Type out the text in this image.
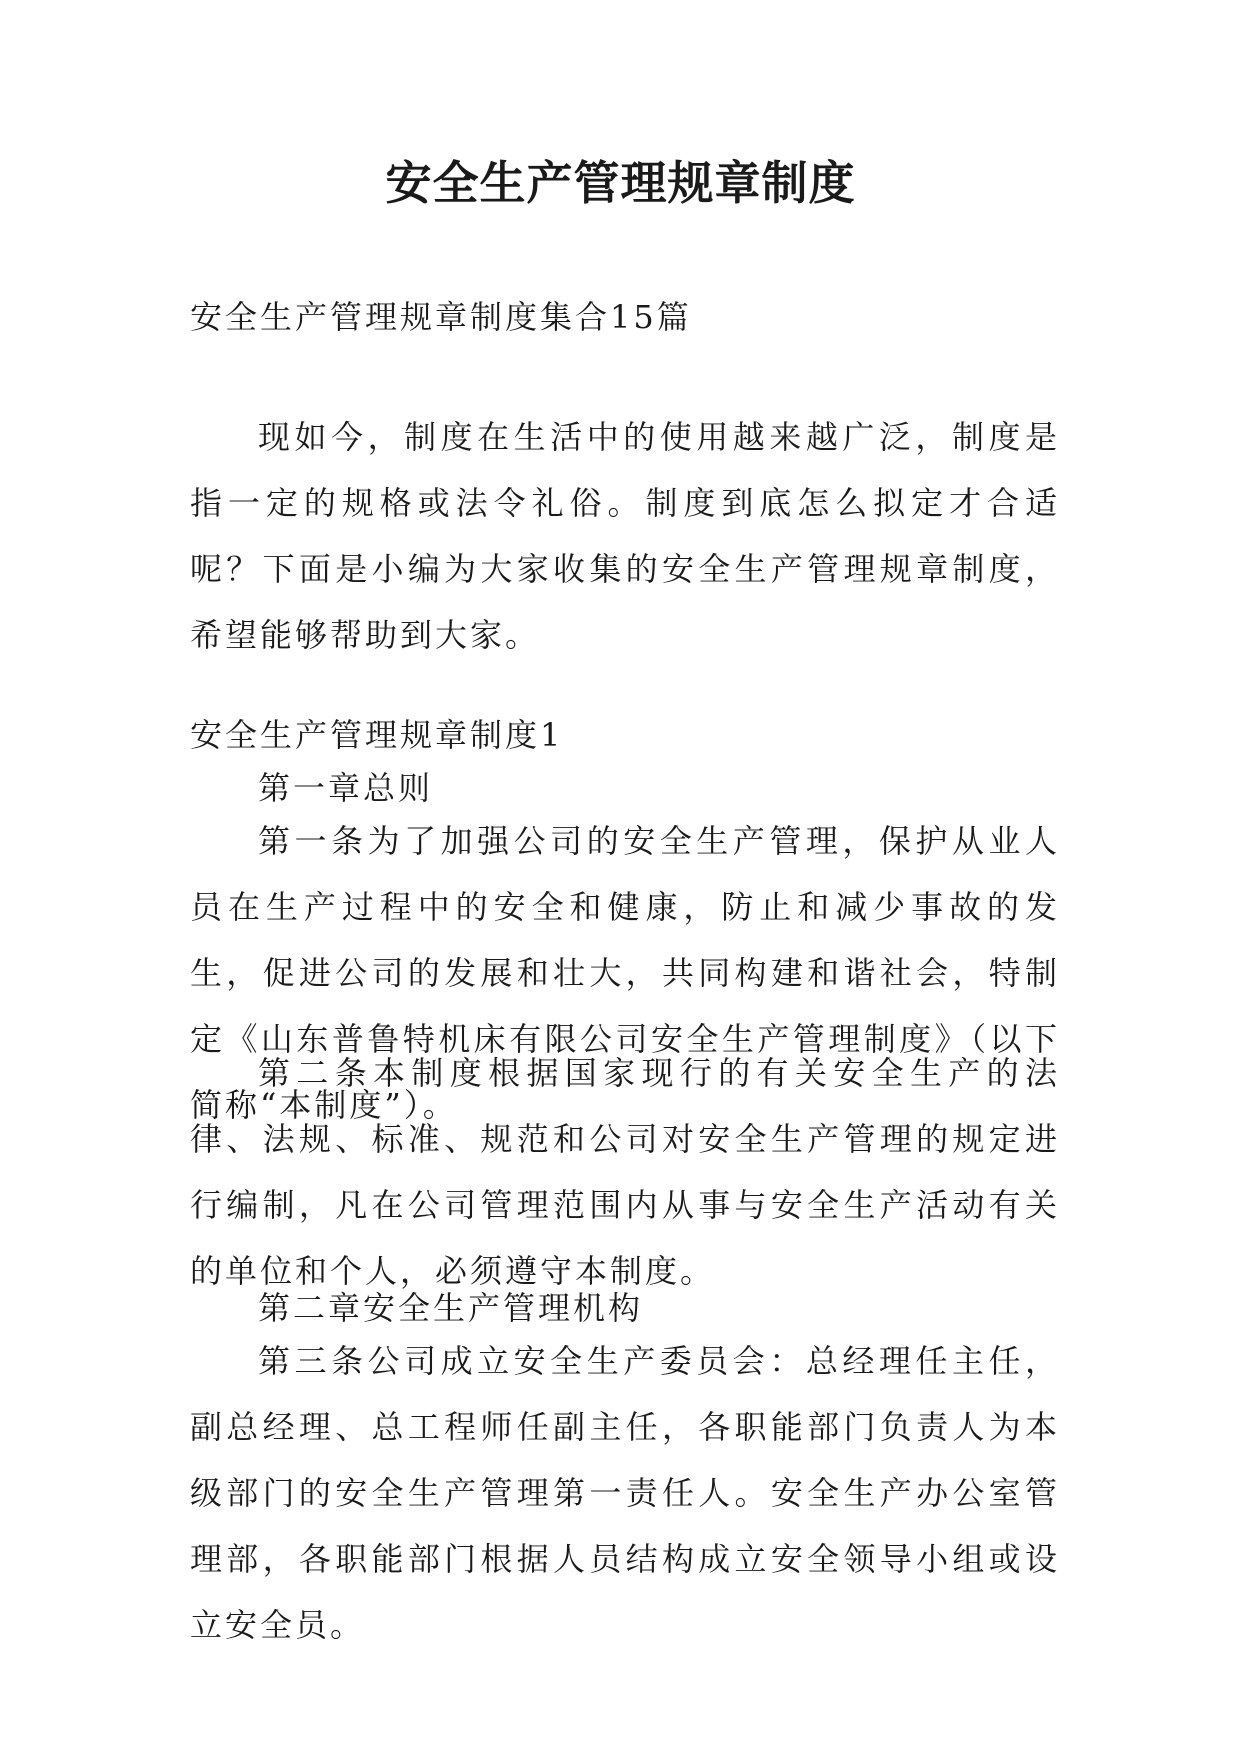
安全生产管理规章制度

安全生产管理规章制度集合15篇

现如今，制度在生活中的使用越来越广泛，制度是指一定的规格或法令礼俗。制度到底怎么拟定才合适呢？下面是小编为大家收集的安全生产管理规章制度，希望能够帮助到大家。

安全生产管理规章制度1

第一章总则

第一条为了加强公司的安全生产管理，保护从业人员在生产过程中的安全和健康，防止和减少事故的发生，促进公司的发展和壮大，共同构建和谐社会，特制定《山东普鲁特机床有限公司安全生产管理制度》（以下简称“本制度”）。

第二条本制度根据国家现行的有关安全生产的法律、法规、标准、规范和公司对安全生产管理的规定进行编制，凡在公司管理范围内从事与安全生产活动有关的单位和个人，必须遵守本制度。

第二章安全生产管理机构

第三条公司成立安全生产委员会：总经理任主任，副总经理、总工程师任副主任，各职能部门负责人为本级部门的安全生产管理第一责任人。安全生产办公室管理部，各职能部门根据人员结构成立安全领导小组或设立安全员。
